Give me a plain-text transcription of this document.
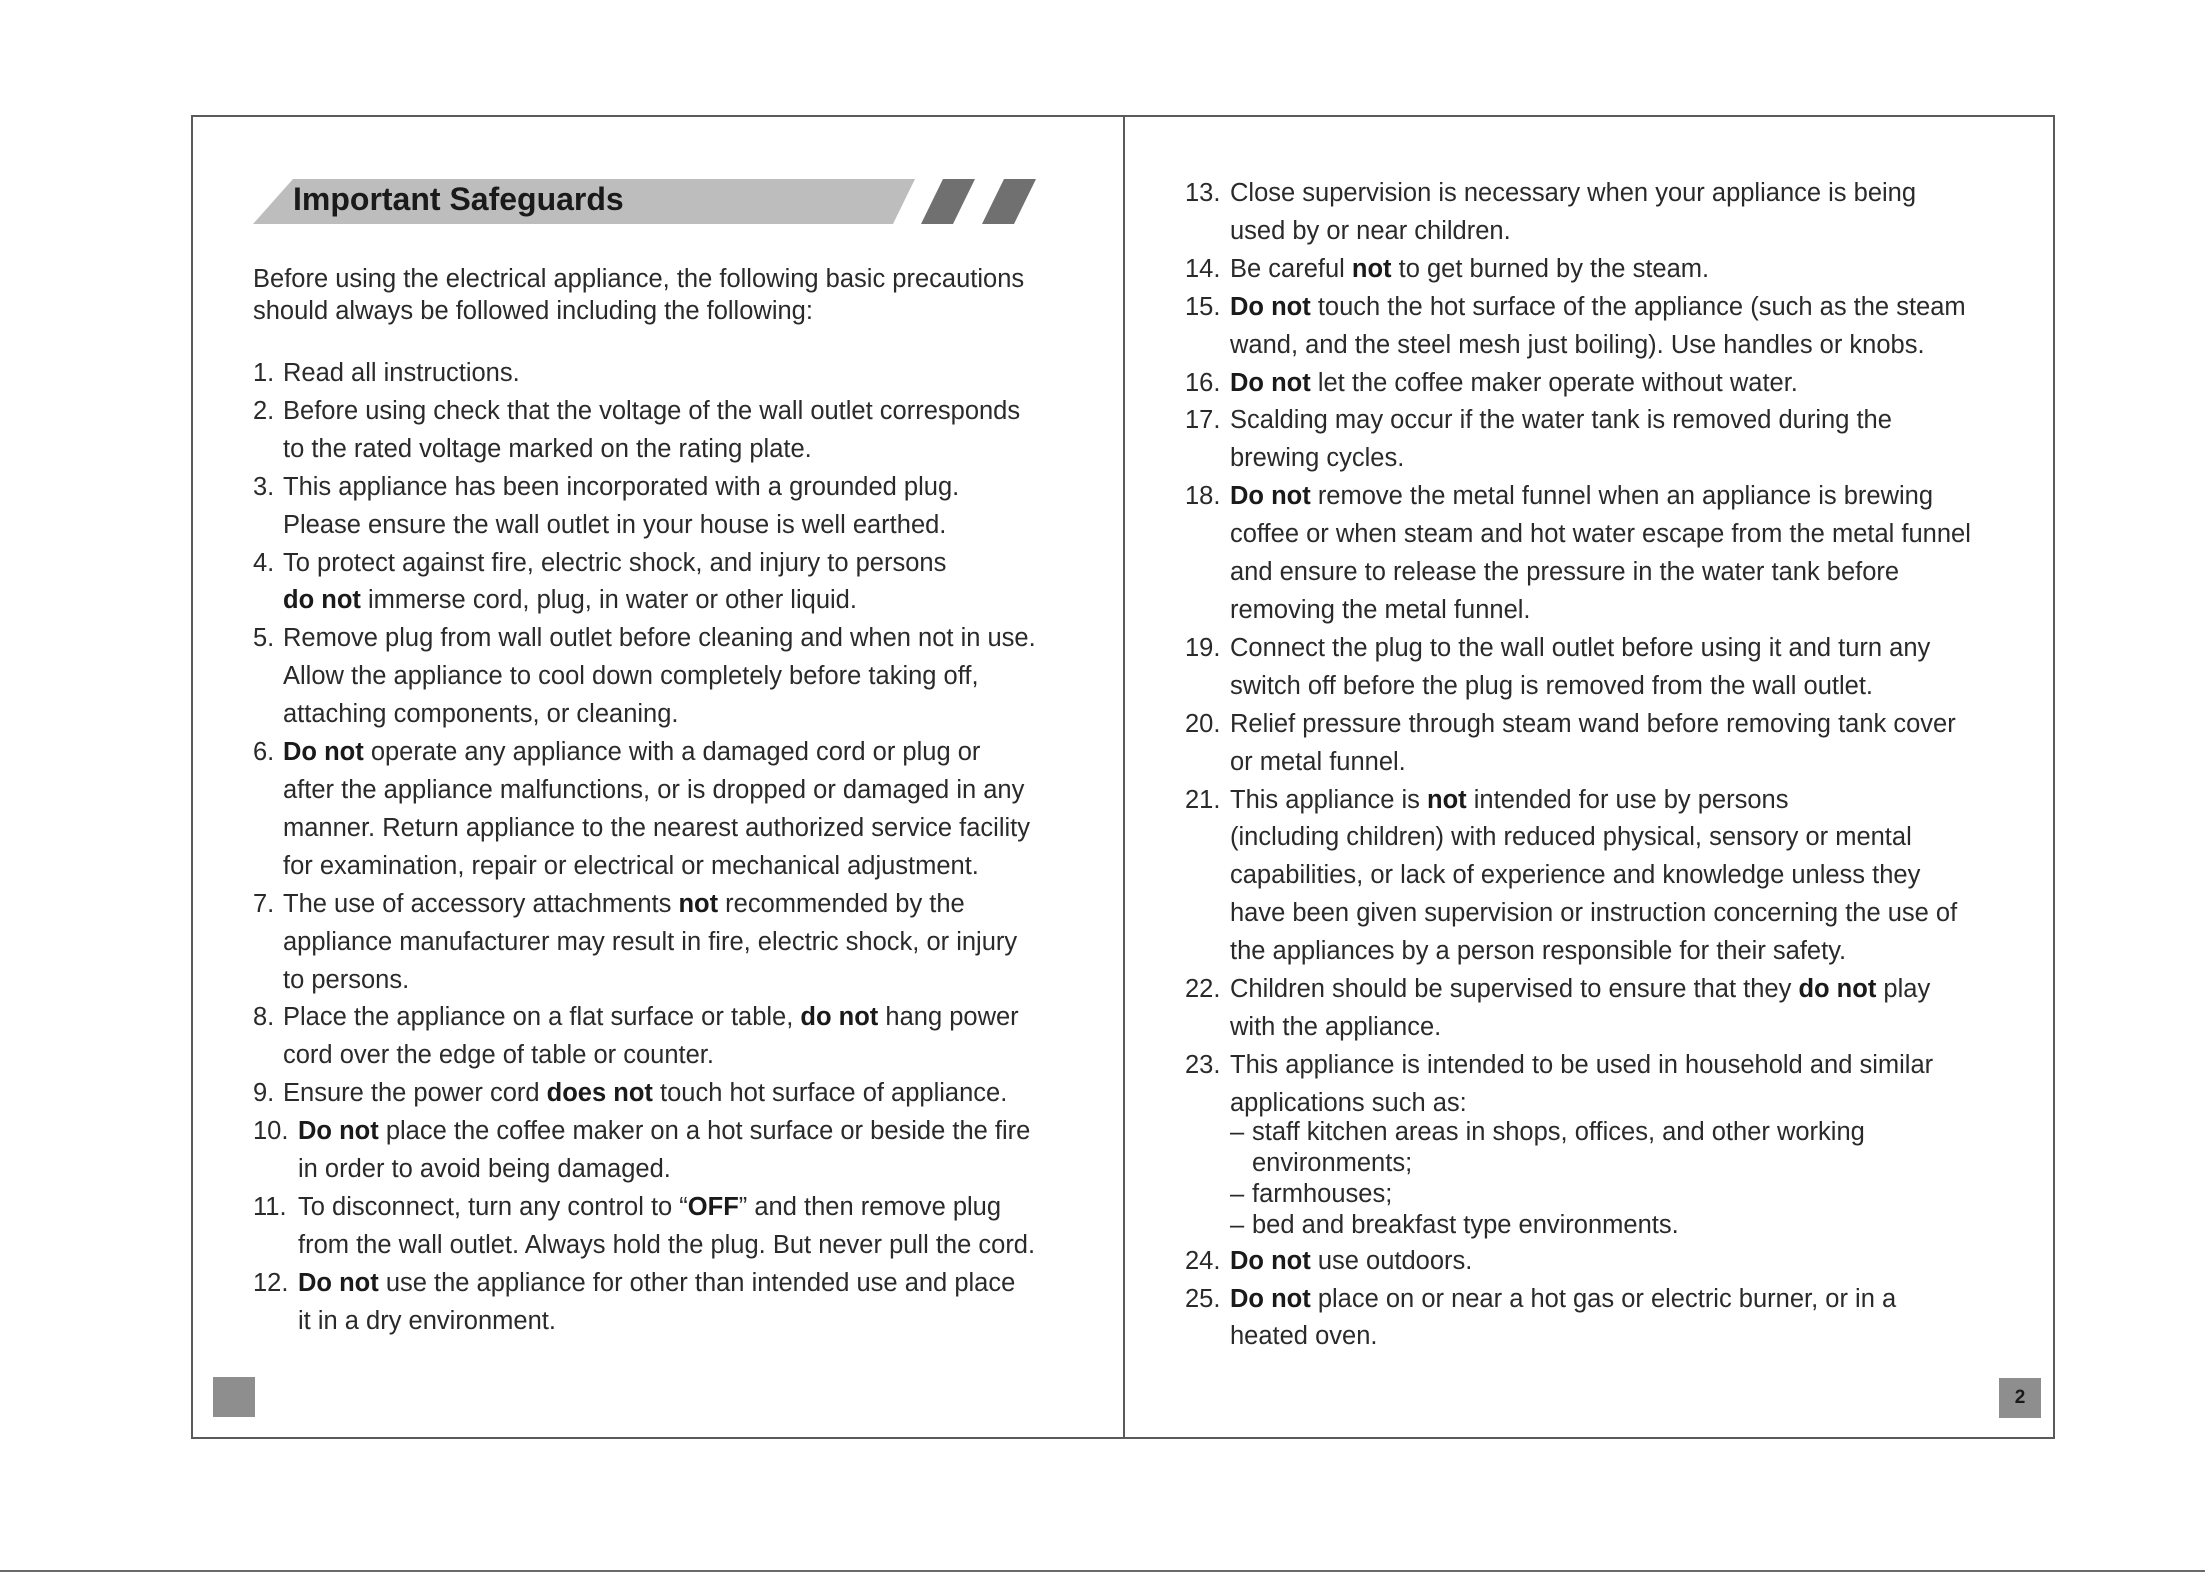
Important Safeguards

Before using the electrical appliance, the following basic precautions
should always be followed including the following:

1. Read all instructions.
2. Before using check that the voltage of the wall outlet corresponds
to the rated voltage marked on the rating plate.
3. This appliance has been incorporated with a grounded plug.
Please ensure the wall outlet in your house is well earthed.
4. To protect against fire, electric shock, and injury to persons
do not immerse cord, plug, in water or other liquid.
5. Remove plug from wall outlet before cleaning and when not in use.
Allow the appliance to cool down completely before taking off,
attaching components, or cleaning.
6. Do not operate any appliance with a damaged cord or plug or
after the appliance malfunctions, or is dropped or damaged in any
manner. Return appliance to the nearest authorized service facility
for examination, repair or electrical or mechanical adjustment.
7. The use of accessory attachments not recommended by the
appliance manufacturer may result in fire, electric shock, or injury
to persons.
8. Place the appliance on a flat surface or table, do not hang power
cord over the edge of table or counter.
9. Ensure the power cord does not touch hot surface of appliance.
10. Do not place the coffee maker on a hot surface or beside the fire
in order to avoid being damaged.
11. To disconnect, turn any control to “OFF” and then remove plug
from the wall outlet. Always hold the plug. But never pull the cord.
12. Do not use the appliance for other than intended use and place
it in a dry environment.
13. Close supervision is necessary when your appliance is being
used by or near children.
14. Be careful not to get burned by the steam.
15. Do not touch the hot surface of the appliance (such as the steam
wand, and the steel mesh just boiling). Use handles or knobs.
16. Do not let the coffee maker operate without water.
17. Scalding may occur if the water tank is removed during the
brewing cycles.
18. Do not remove the metal funnel when an appliance is brewing
coffee or when steam and hot water escape from the metal funnel
and ensure to release the pressure in the water tank before
removing the metal funnel.
19. Connect the plug to the wall outlet before using it and turn any
switch off before the plug is removed from the wall outlet.
20. Relief pressure through steam wand before removing tank cover
or metal funnel.
21. This appliance is not intended for use by persons
(including children) with reduced physical, sensory or mental
capabilities, or lack of experience and knowledge unless they
have been given supervision or instruction concerning the use of
the appliances by a person responsible for their safety.
22. Children should be supervised to ensure that they do not play
with the appliance.
23. This appliance is intended to be used in household and similar
applications such as:
– staff kitchen areas in shops, offices, and other working
environments;
– farmhouses;
– bed and breakfast type environments.
24. Do not use outdoors.
25. Do not place on or near a hot gas or electric burner, or in a
heated oven.
2
